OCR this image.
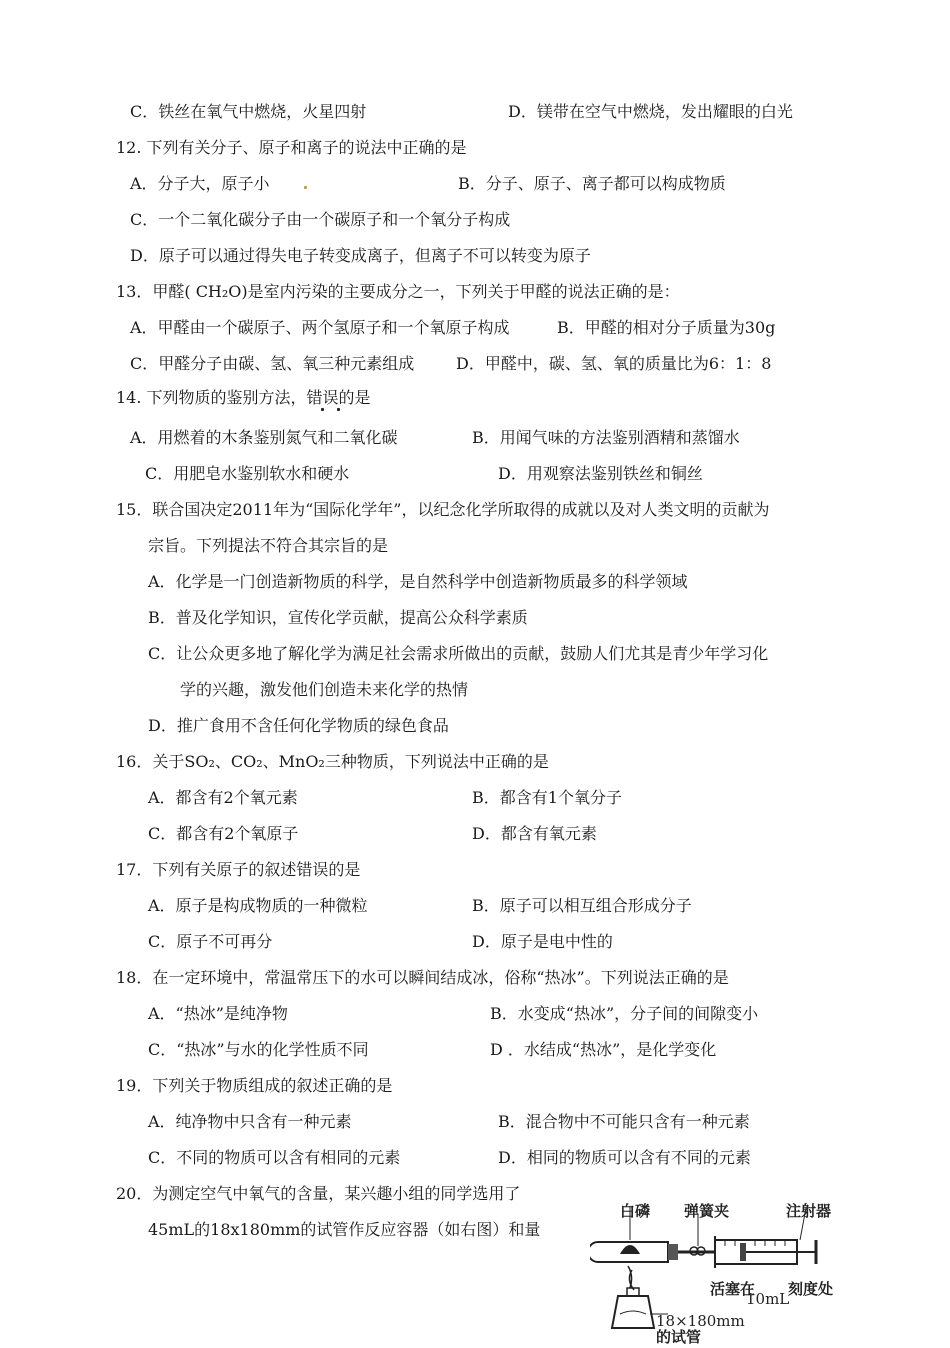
C．铁丝在氧气中燃烧，火星四射	D．镁带在空气中燃烧，发出耀眼的白光
12. 下列有关分子、原子和离子的说法中正确的是
A．分子大，原子小	B．分子、原子、离子都可以构成物质
C．一个二氧化碳分子由一个碳原子和一个氧分子构成
D．原子可以通过得失电子转变成离子，但离子不可以转变为原子
13．甲醛( CH₂O)是室内污染的主要成分之一，下列关于甲醛的说法正确的是：
A．甲醛由一个碳原子、两个氢原子和一个氧原子构成	B．甲醛的相对分子质量为30g
C．甲醛分子由碳、氢、氧三种元素组成	D．甲醛中，碳、氢、氧的质量比为6：1：8
14. 下列物质的鉴别方法，错误的是
A．用燃着的木条鉴别氮气和二氧化碳	B．用闻气味的方法鉴别酒精和蒸馏水
C．用肥皂水鉴别软水和硬水	D．用观察法鉴别铁丝和铜丝
15．联合国决定2011年为“国际化学年”，以纪念化学所取得的成就以及对人类文明的贡献为
宗旨。下列提法不符合其宗旨的是
A．化学是一门创造新物质的科学，是自然科学中创造新物质最多的科学领域
B．普及化学知识，宣传化学贡献，提高公众科学素质
C．让公众更多地了解化学为满足社会需求所做出的贡献，鼓励人们尤其是青少年学习化
学的兴趣，激发他们创造未来化学的热情
D．推广食用不含任何化学物质的绿色食品
16．关于SO₂、CO₂、MnO₂三种物质，下列说法中正确的是
A．都含有2个氧元素	B．都含有1个氧分子
C．都含有2个氧原子	D．都含有氧元素
17．下列有关原子的叙述错误的是
A．原子是构成物质的一种微粒	B．原子可以相互组合形成分子
C．原子不可再分	D．原子是电中性的
18．在一定环境中，常温常压下的水可以瞬间结成冰，俗称“热冰”。下列说法正确的是
A．“热冰”是纯净物	B．水变成“热冰”，分子间的间隙变小
C．“热冰”与水的化学性质不同	D ．水结成“热冰”，是化学变化
19．下列关于物质组成的叙述正确的是
A．纯净物中只含有一种元素	B．混合物中不可能只含有一种元素
C．不同的物质可以含有相同的元素	D．相同的物质可以含有不同的元素
20．为测定空气中氧气的含量，某兴趣小组的同学选用了
45mL的18x180mm的试管作反应容器（如右图）和量
白磷 弹簧夹	注射器
活塞在
10mL
刻度处
18×180mm
的试管
